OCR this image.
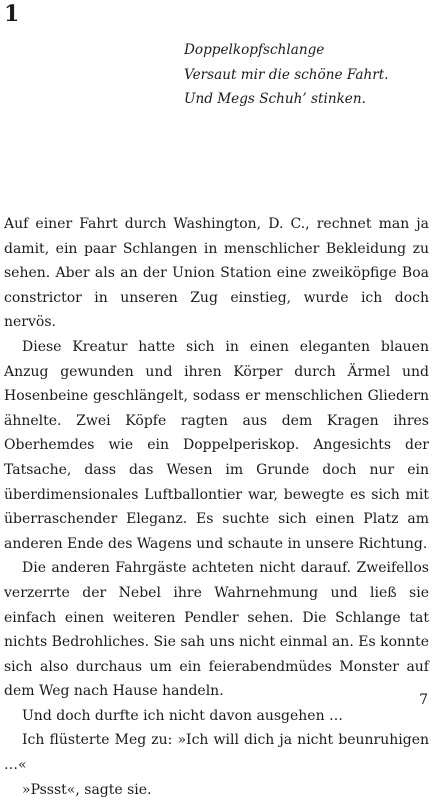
1
Doppelkopfschlange
Versaut mir die schöne Fahrt.
Und Megs Schuh’ stinken.

Auf einer Fahrt durch Washington, D. C., rechnet man ja damit, ein paar Schlangen in menschlicher Bekleidung zu sehen. Aber als an der Union Station eine zweiköpfige Boa constrictor in unseren Zug einstieg, wurde ich doch nervös.

Diese Kreatur hatte sich in einen eleganten blauen Anzug gewunden und ihren Körper durch Ärmel und Hosenbeine geschlängelt, sodass er menschlichen Gliedern ähnelte. Zwei Köpfe ragten aus dem Kragen ihres Oberhemdes wie ein Doppelperiskop. Angesichts der Tatsache, dass das Wesen im Grunde doch nur ein überdimensionales Luftballontier war, bewegte es sich mit überraschender Eleganz. Es suchte sich einen Platz am anderen Ende des Wagens und schaute in unsere Richtung.

Die anderen Fahrgäste achteten nicht darauf. Zweifellos verzerrte der Nebel ihre Wahrnehmung und ließ sie einfach einen weiteren Pendler sehen. Die Schlange tat nichts Bedrohliches. Sie sah uns nicht einmal an. Es konnte sich also durchaus um ein feierabendmüdes Monster auf dem Weg nach Hause handeln.

Und doch durfte ich nicht davon ausgehen …

Ich flüsterte Meg zu: »Ich will dich ja nicht beunruhigen …«

»Pssst«, sagte sie.

7
